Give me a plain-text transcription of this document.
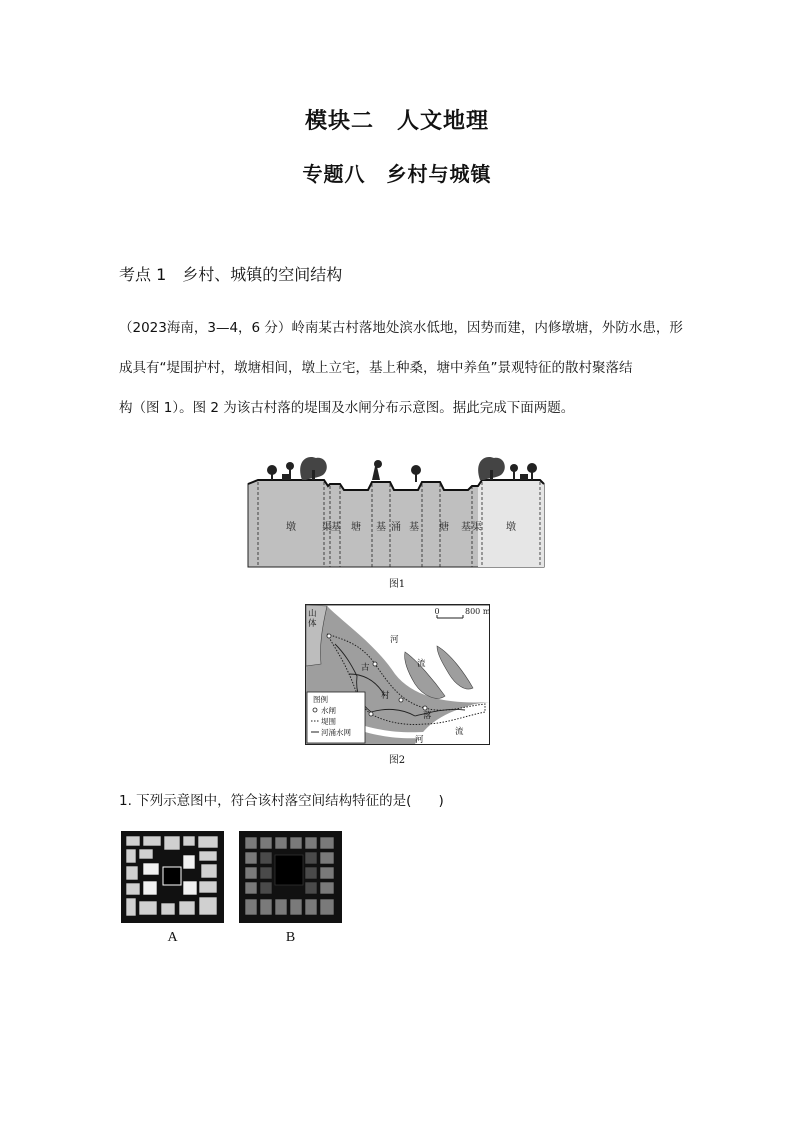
模块二　人文地理
专题八　乡村与城镇
考点 1　乡村、城镇的空间结构
（2023海南，3—4，6 分）岭南某古村落地处滨水低地，因势而建，内修墩塘，外防水患，形
成具有“堤围护村，墩塘相间，墩上立宅，基上种桑，塘中养鱼”景观特征的散村聚落结
构（图 1）。图 2 为该古村落的堤围及水闸分布示意图。据此完成下面两题。
墩	渠 基 塘 基 涌 基 塘 基 渠 墩
图1
0	800 m
山
体
河
流
古
村
落
河
流
图例
水闸
堤围
河涌水网
图2
1. 下列示意图中，符合该村落空间结构特征的是(　　)
A	B
